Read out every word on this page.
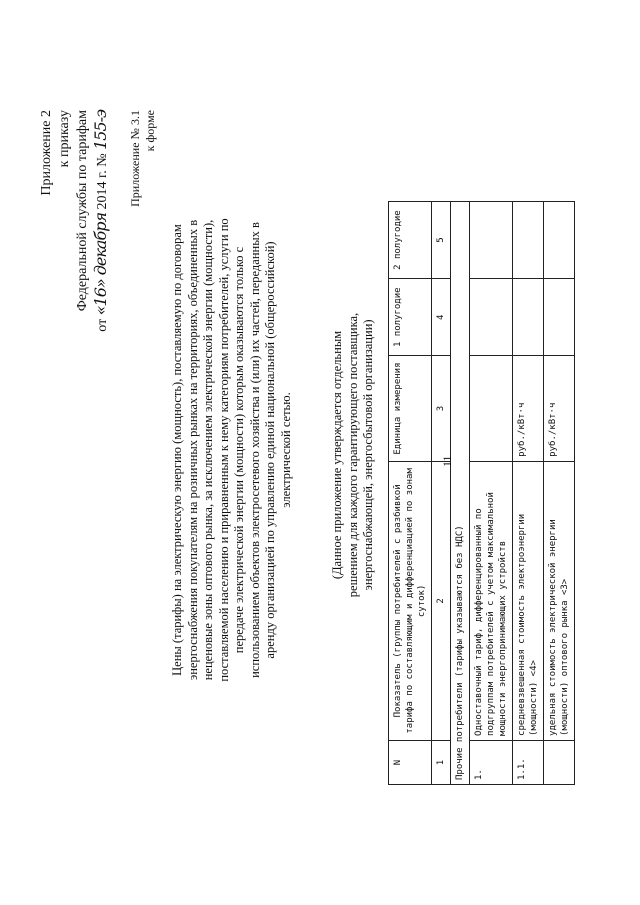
Приложение 2 к приказу Федеральной службы по тарифам
от «16» декабря 2014 г. № 155-э Приложение № 3.1 к форме
Цены (тарифы) на электрическую энергию (мощность), поставляемую по договорам энергоснабжения покупателям на розничных рынках на территориях, объединенных в неценовые зоны оптового рынка, за исключением электрической энергии (мощности), поставляемой населению и приравненным к нему категориям потребителей, услуги по передаче электрической энергии (мощности) которым оказываются только с использованием объектов электросетевого хозяйства и (или) их частей, переданных в аренду организацией по управлению единой национальной (общероссийской) электрической сетью.	(Данное приложение утверждается отдельным решением для каждого гарантирующего поставщика, энергоснабжающей, энергосбытовой организации)
N	Показатель (группы потребителей с разбивкой тарифа по составляющим и дифференциацией по зонам суток)	Единица измерения	1 полугодие	2 полугодие
1	2	3	4	5
Прочие потребители (тарифы указываются без НДС)				
1.	Одноставочный тариф, дифференцированный по подгруппам потребителей с учетом максимальной мощности энергопринимающих устройств			
1.1.	средневзвешенная стоимость электроэнергии (мощности) <4>	руб./кВт·ч		
	удельная стоимость электрической энергии (мощности) оптового рынка <3>	руб./кВт·ч		
11
